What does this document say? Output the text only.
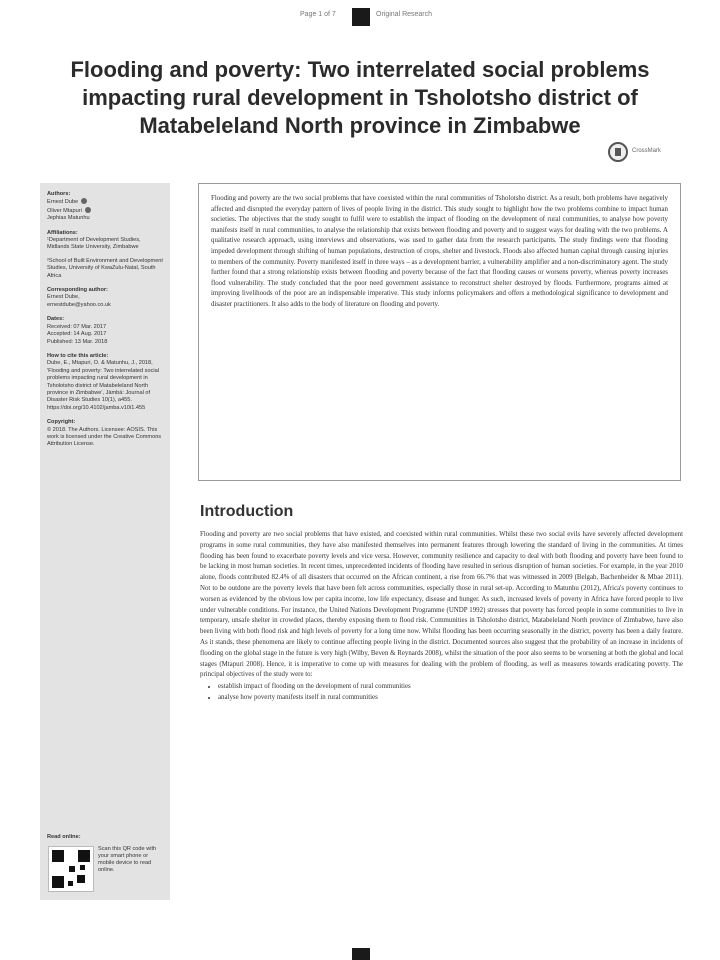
Page 1 of 7	Original Research
Flooding and poverty: Two interrelated social problems impacting rural development in Tsholotsho district of Matabeleland North province in Zimbabwe
CrossMark

Authors:

Ernest Dube
Oliver Mtapuri
Jephias Matunhu

Affiliations:

¹Department of Development Studies, Midlands State University, Zimbabwe

²School of Built Environment and Development Studies, University of KwaZulu-Natal, South Africa

Corresponding author:

Ernest Dube,

ernestdube@yahoo.co.uk

Dates:

Received: 07 Mar. 2017

Accepted: 14 Aug. 2017

Published: 13 Mar. 2018

How to cite this article:

Dube, E., Mtapuri, O. & Matunhu, J., 2018, 'Flooding and poverty: Two interrelated social problems impacting rural development in Tsholotsho district of Matabeleland North province in Zimbabwe', Jàmbá: Journal of Disaster Risk Studies 10(1), a455. https://doi.org/10.4102/jamba.v10i1.455

Copyright:

© 2018. The Authors. Licensee: AOSIS. This work is licensed under the Creative Commons Attribution License.

Read online:

Scan this QR code with your smart phone or mobile device to read online.

Flooding and poverty are the two social problems that have coexisted within the rural communities of Tsholotsho district. As a result, both problems have negatively affected and disrupted the everyday pattern of lives of people living in the district. This study sought to highlight how the two problems combine to impact human societies. The objectives that the study sought to fulfil were to establish the impact of flooding on the development of rural communities, to analyse how poverty manifests itself in rural communities, to analyse the relationship that exists between flooding and poverty and to suggest ways for dealing with the two problems. A qualitative research approach, using interviews and observations, was used to gather data from the research participants. The study findings were that flooding impeded development through shifting of human populations, destruction of crops, shelter and livestock. Floods also affected human capital through causing injuries to members of the community. Poverty manifested itself in three ways – as a development barrier, a vulnerability amplifier and a non-discriminatory agent. The study further found that a strong relationship exists between flooding and poverty because of the fact that flooding causes or worsens poverty, whereas poverty increases flood vulnerability. The study concluded that the poor need government assistance to reconstruct shelter destroyed by floods. Furthermore, programs aimed at improving livelihoods of the poor are an indispensable imperative. This study informs policymakers and offers a methodological significance to development and disaster practitioners. It also adds to the body of literature on flooding and poverty.

Introduction

Flooding and poverty are two social problems that have existed, and coexisted within rural communities. Whilst these two social evils have severely affected development programs in some rural communities, they have also manifested themselves into permanent features through lowering the standard of living in the communities. At times flooding has been found to exacerbate poverty levels and vice versa. However, community resilience and capacity to deal with both flooding and poverty have been found to be lacking in most human societies. In recent times, unprecedented incidents of flooding have resulted in serious disruption of human societies. For example, in the year 2010 alone, floods contributed 82.4% of all disasters that occurred on the African continent, a rise from 66.7% that was witnessed in 2009 (Belgab, Bachenheider & Mbae 2011). Not to be outdone are the poverty levels that have been felt across communities, especially those in rural set-up. According to Matunhu (2012), Africa's poverty continues to worsen as evidenced by the obvious low per capita income, low life expectancy, disease and hunger. As such, increased levels of poverty in Africa have forced people to live under vulnerable conditions. For instance, the United Nations Development Programme (UNDP 1992) stresses that poverty has forced people in some communities to live in temporary, unsafe shelter in crowded places, thereby exposing them to flood risk. Communities in Tsholotsho district, Matabeleland North province of Zimbabwe, have also been living with both flood risk and high levels of poverty for a long time now. Whilst flooding has been occurring seasonally in the district, poverty has been a daily feature. As it stands, these phenomena are likely to continue affecting people living in the district. Documented sources also suggest that the probability of an increase in incidents of flooding on the global stage in the future is very high (Wilby, Beven & Reynards 2008), whilst the situation of the poor also seems to be worsening at both the global and local stages (Mtapuri 2008). Hence, it is imperative to come up with measures for dealing with the problem of flooding, as well as measures towards eradicating poverty. The principal objectives of the study were to:

• establish impact of flooding on the development of rural communities
• analyse how poverty manifests itself in rural communities
